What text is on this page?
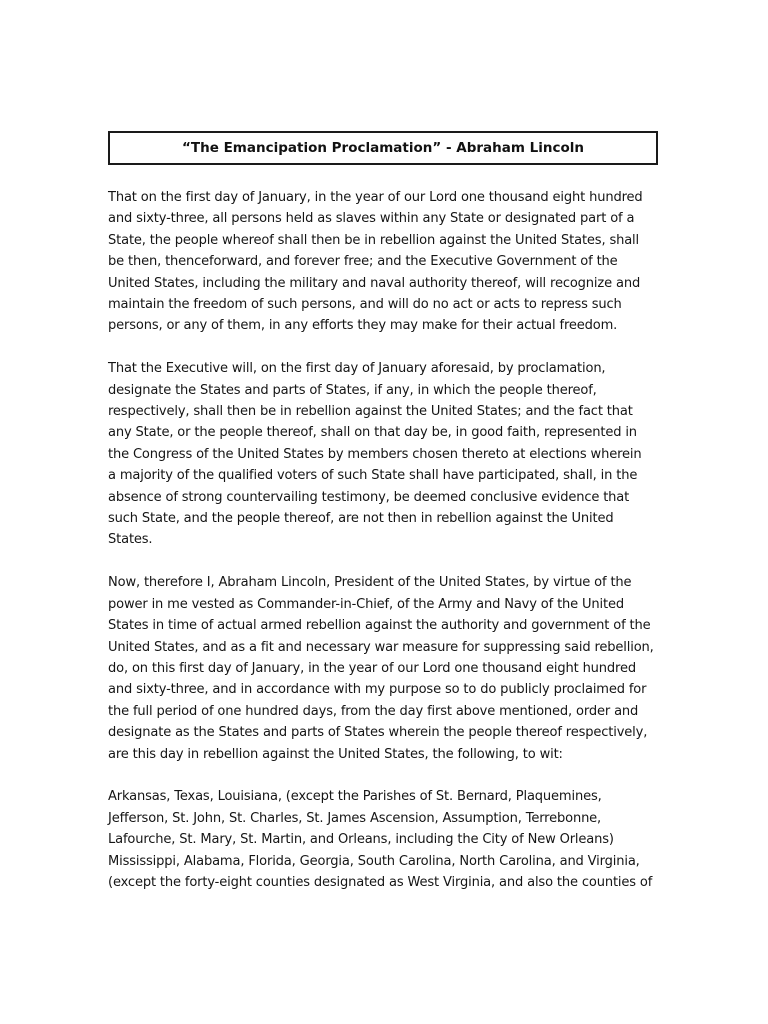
“The Emancipation Proclamation” - Abraham Lincoln

That on the first day of January, in the year of our Lord one thousand eight hundred
and sixty-three, all persons held as slaves within any State or designated part of a
State, the people whereof shall then be in rebellion against the United States, shall
be then, thenceforward, and forever free; and the Executive Government of the
United States, including the military and naval authority thereof, will recognize and
maintain the freedom of such persons, and will do no act or acts to repress such
persons, or any of them, in any efforts they may make for their actual freedom.

That the Executive will, on the first day of January aforesaid, by proclamation,
designate the States and parts of States, if any, in which the people thereof,
respectively, shall then be in rebellion against the United States; and the fact that
any State, or the people thereof, shall on that day be, in good faith, represented in
the Congress of the United States by members chosen thereto at elections wherein
a majority of the qualified voters of such State shall have participated, shall, in the
absence of strong countervailing testimony, be deemed conclusive evidence that
such State, and the people thereof, are not then in rebellion against the United
States.

Now, therefore I, Abraham Lincoln, President of the United States, by virtue of the
power in me vested as Commander-in-Chief, of the Army and Navy of the United
States in time of actual armed rebellion against the authority and government of the
United States, and as a fit and necessary war measure for suppressing said rebellion,
do, on this first day of January, in the year of our Lord one thousand eight hundred
and sixty-three, and in accordance with my purpose so to do publicly proclaimed for
the full period of one hundred days, from the day first above mentioned, order and
designate as the States and parts of States wherein the people thereof respectively,
are this day in rebellion against the United States, the following, to wit:

Arkansas, Texas, Louisiana, (except the Parishes of St. Bernard, Plaquemines,
Jefferson, St. John, St. Charles, St. James Ascension, Assumption, Terrebonne,
Lafourche, St. Mary, St. Martin, and Orleans, including the City of New Orleans)
Mississippi, Alabama, Florida, Georgia, South Carolina, North Carolina, and Virginia,
(except the forty-eight counties designated as West Virginia, and also the counties of
